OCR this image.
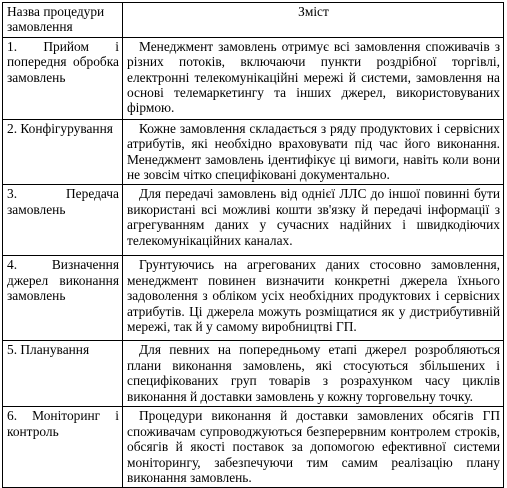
Назва процедури замовлення	Зміст
1. Прийом і попередня обробка замовлень	Менеджмент замовлень отримує всі замовлення споживачів з різних потоків, включаючи пункти роздрібної торгівлі, електронні телекомунікаційні мережі й системи, замовлення на основі телемаркетингу та інших джерел, використовуваних фірмою.
2. Конфігурування	Кожне замовлення складається з ряду продуктових і сервісних атрибутів, які необхідно враховувати під час його виконання. Менеджмент замовлень ідентифікує ці вимоги, навіть коли вони не зовсім чітко специфіковані документально.
3. Передача замовлень	Для передачі замовлень від однієї ЛЛС до іншої повинні бути використані всі можливі кошти зв'язку й передачі інформації з агрегуванням даних у сучасних надійних і швидкодіючих телекомунікаційних каналах.
4. Визначення джерел виконання замовлень	Грунтуючись на агрегованих даних стосовно замовлення, менеджмент повинен визначити конкретні джерела їхнього задоволення з обліком усіх необхідних продуктових і сервісних атрибутів. Ці джерела можуть розміщатися як у дистрибутивній мережі, так й у самому виробництві ГП.
5. Планування	Для певних на попередньому етапі джерел розробляються плани виконання замовлень, які стосуються збільшених і специфікованих груп товарів з розрахунком часу циклів виконання й доставки замовлень у кожну торговельну точку.
6. Моніторинг і контроль	Процедури виконання й доставки замовлених обсягів ГП споживачам супроводжуються безперервним контролем строків, обсягів й якості поставок за допомогою ефективної системи моніторингу, забезпечуючи тим самим реалізацію плану виконання замовлень.
